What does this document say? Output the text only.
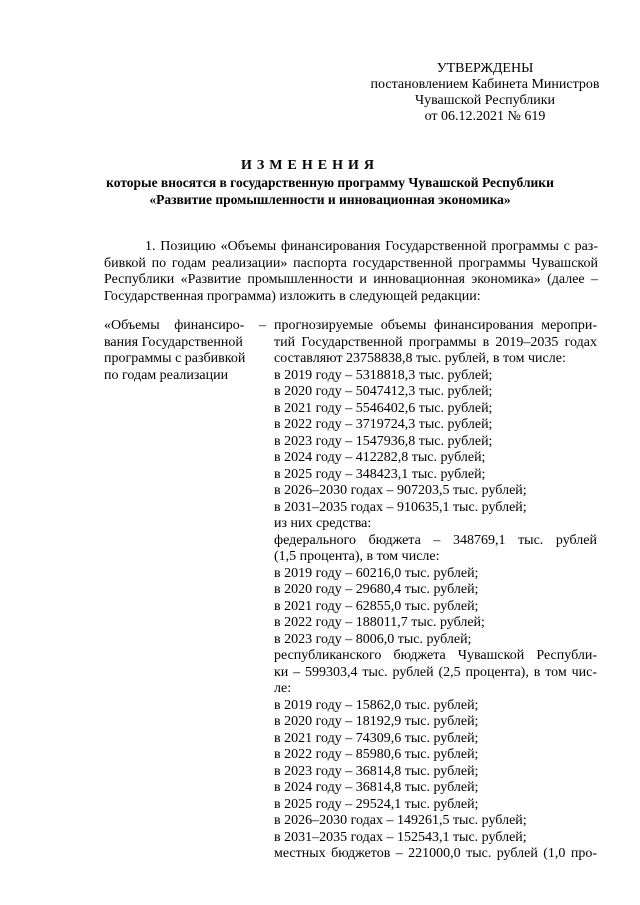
УТВЕРЖДЕНЫ
постановлением Кабинета Министров
Чувашской Республики
от 06.12.2021 № 619
ИЗМЕНЕНИЯ
которые вносятся в государственную программу Чувашской Республики
«Развитие промышленности и инновационная экономика»
1. Позицию «Объемы финансирования Государственной программы с раз-
бивкой по годам реализации» паспорта государственной программы Чувашской
Республики «Развитие промышленности и инновационная экономика» (далее –
Государственная программа) изложить в следующей редакции:
«Объемы финансиро- –
вания Государственной
программы с разбивкой
по годам реализации
прогнозируемые объемы финансирования меропри-
тий Государственной программы в 2019–2035 годах
составляют 23758838,8 тыс. рублей, в том числе:
в 2019 году – 5318818,3 тыс. рублей;
в 2020 году – 5047412,3 тыс. рублей;
в 2021 году – 5546402,6 тыс. рублей;
в 2022 году – 3719724,3 тыс. рублей;
в 2023 году – 1547936,8 тыс. рублей;
в 2024 году – 412282,8 тыс. рублей;
в 2025 году – 348423,1 тыс. рублей;
в 2026–2030 годах – 907203,5 тыс. рублей;
в 2031–2035 годах – 910635,1 тыс. рублей;
из них средства:
федерального бюджета – 348769,1 тыс. рублей
(1,5 процента), в том числе:
в 2019 году – 60216,0 тыс. рублей;
в 2020 году – 29680,4 тыс. рублей;
в 2021 году – 62855,0 тыс. рублей;
в 2022 году – 188011,7 тыс. рублей;
в 2023 году – 8006,0 тыс. рублей;
республиканского бюджета Чувашской Республи-
ки – 599303,4 тыс. рублей (2,5 процента), в том чис-
ле:
в 2019 году – 15862,0 тыс. рублей;
в 2020 году – 18192,9 тыс. рублей;
в 2021 году – 74309,6 тыс. рублей;
в 2022 году – 85980,6 тыс. рублей;
в 2023 году – 36814,8 тыс. рублей;
в 2024 году – 36814,8 тыс. рублей;
в 2025 году – 29524,1 тыс. рублей;
в 2026–2030 годах – 149261,5 тыс. рублей;
в 2031–2035 годах – 152543,1 тыс. рублей;
местных бюджетов – 221000,0 тыс. рублей (1,0 про-
